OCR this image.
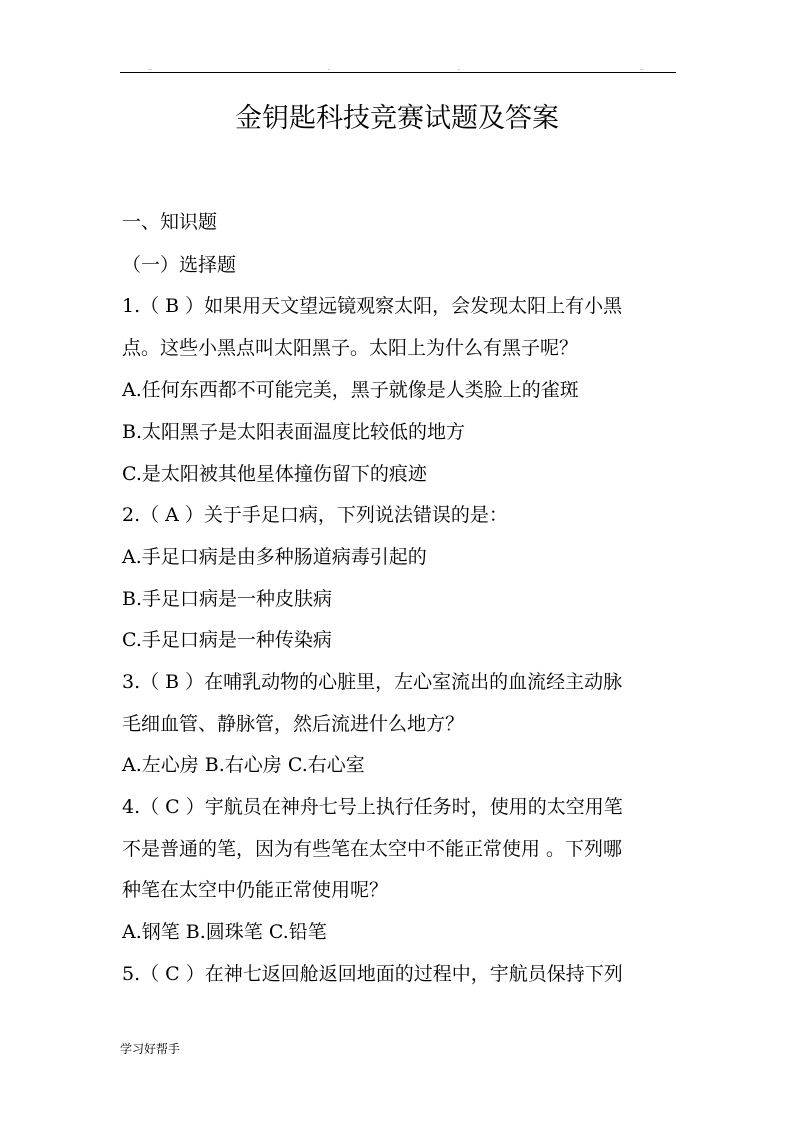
..	.	.	..
金钥匙科技竞赛试题及答案
一、知识题
（一）选择题
1.（ B ）如果用天文望远镜观察太阳，会发现太阳上有小黑
点。这些小黑点叫太阳黑子。太阳上为什么有黑子呢？
A.任何东西都不可能完美，黑子就像是人类脸上的雀斑
B.太阳黑子是太阳表面温度比较低的地方
C.是太阳被其他星体撞伤留下的痕迹
2.（ A ）关于手足口病，下列说法错误的是：
A.手足口病是由多种肠道病毒引起的
B.手足口病是一种皮肤病
C.手足口病是一种传染病
3.（ B ）在哺乳动物的心脏里，左心室流出的血流经主动脉
毛细血管、静脉管，然后流进什么地方？
A.左心房 B.右心房 C.右心室
4.（ C ）宇航员在神舟七号上执行任务时，使用的太空用笔
不是普通的笔，因为有些笔在太空中不能正常使用 。下列哪
种笔在太空中仍能正常使用呢？
A.钢笔 B.圆珠笔 C.铅笔
5.（ C ）在神七返回舱返回地面的过程中，宇航员保持下列
学习好帮手
